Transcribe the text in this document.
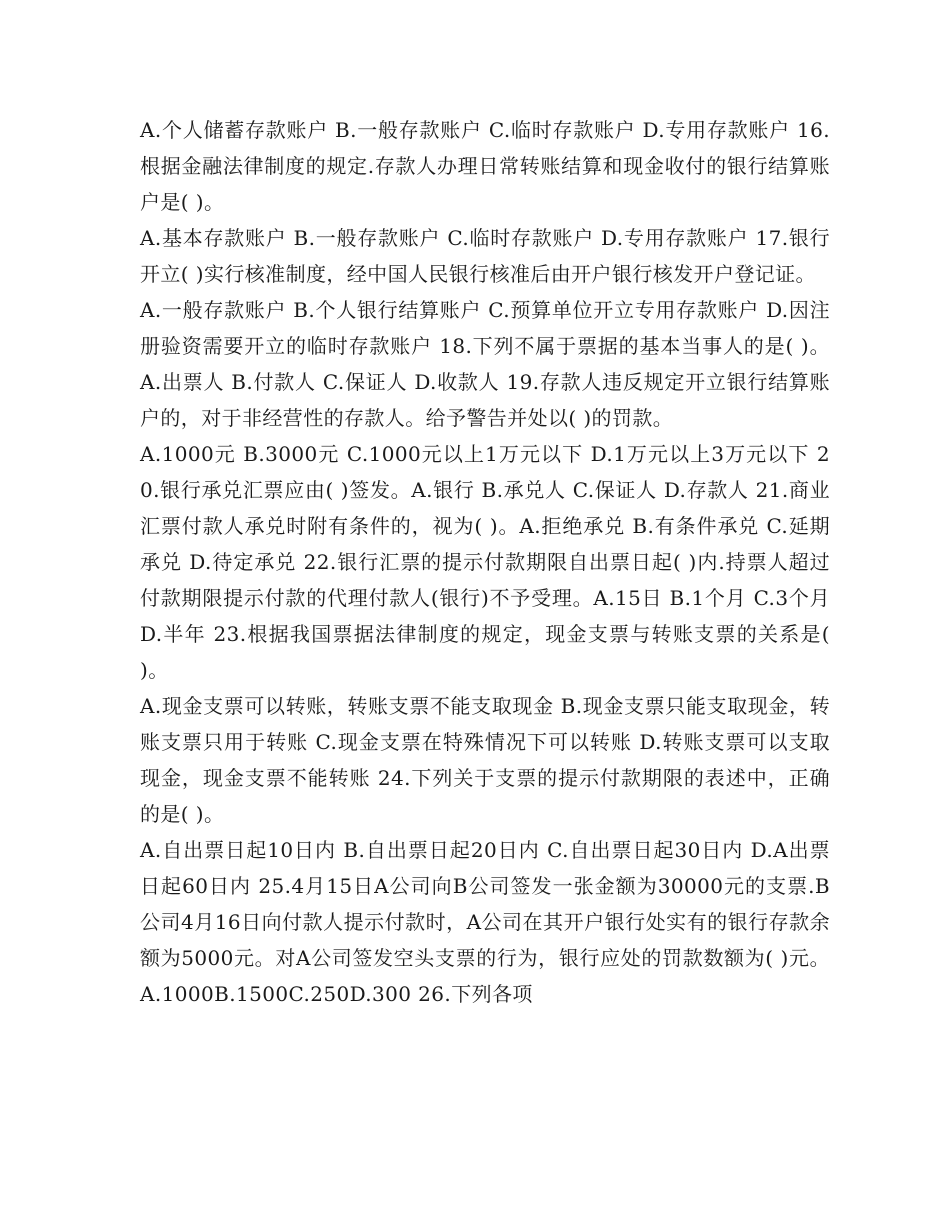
A.个人储蓄存款账户 B.一般存款账户 C.临时存款账户 D.专用存款账户 16.根据金融法律制度的规定.存款人办理日常转账结算和现金收付的银行结算账户是( )。

A.基本存款账户 B.一般存款账户 C.临时存款账户 D.专用存款账户 17.银行开立( )实行核准制度，经中国人民银行核准后由开户银行核发开户登记证。

A.一般存款账户 B.个人银行结算账户 C.预算单位开立专用存款账户 D.因注册验资需要开立的临时存款账户 18.下列不属于票据的基本当事人的是( )。A.出票人 B.付款人 C.保证人 D.收款人 19.存款人违反规定开立银行结算账户的，对于非经营性的存款人。给予警告并处以( )的罚款。

A.1000元 B.3000元 C.1000元以上1万元以下 D.1万元以上3万元以下 20.银行承兑汇票应由( )签发。A.银行 B.承兑人 C.保证人 D.存款人 21.商业汇票付款人承兑时附有条件的，视为( )。A.拒绝承兑 B.有条件承兑 C.延期承兑 D.待定承兑 22.银行汇票的提示付款期限自出票日起( )内.持票人超过付款期限提示付款的代理付款人(银行)不予受理。A.15日 B.1个月 C.3个月 D.半年 23.根据我国票据法律制度的规定，现金支票与转账支票的关系是( )。

A.现金支票可以转账，转账支票不能支取现金 B.现金支票只能支取现金，转账支票只用于转账 C.现金支票在特殊情况下可以转账 D.转账支票可以支取现金，现金支票不能转账 24.下列关于支票的提示付款期限的表述中，正确的是( )。

A.自出票日起10日内 B.自出票日起20日内 C.自出票日起30日内 D.A出票日起60日内 25.4月15日A公司向B公司签发一张金额为30000元的支票.B公司4月16日向付款人提示付款时，A公司在其开户银行处实有的银行存款余额为5000元。对A公司签发空头支票的行为，银行应处的罚款数额为( )元。A.1000B.1500C.250D.300 26.下列各项
